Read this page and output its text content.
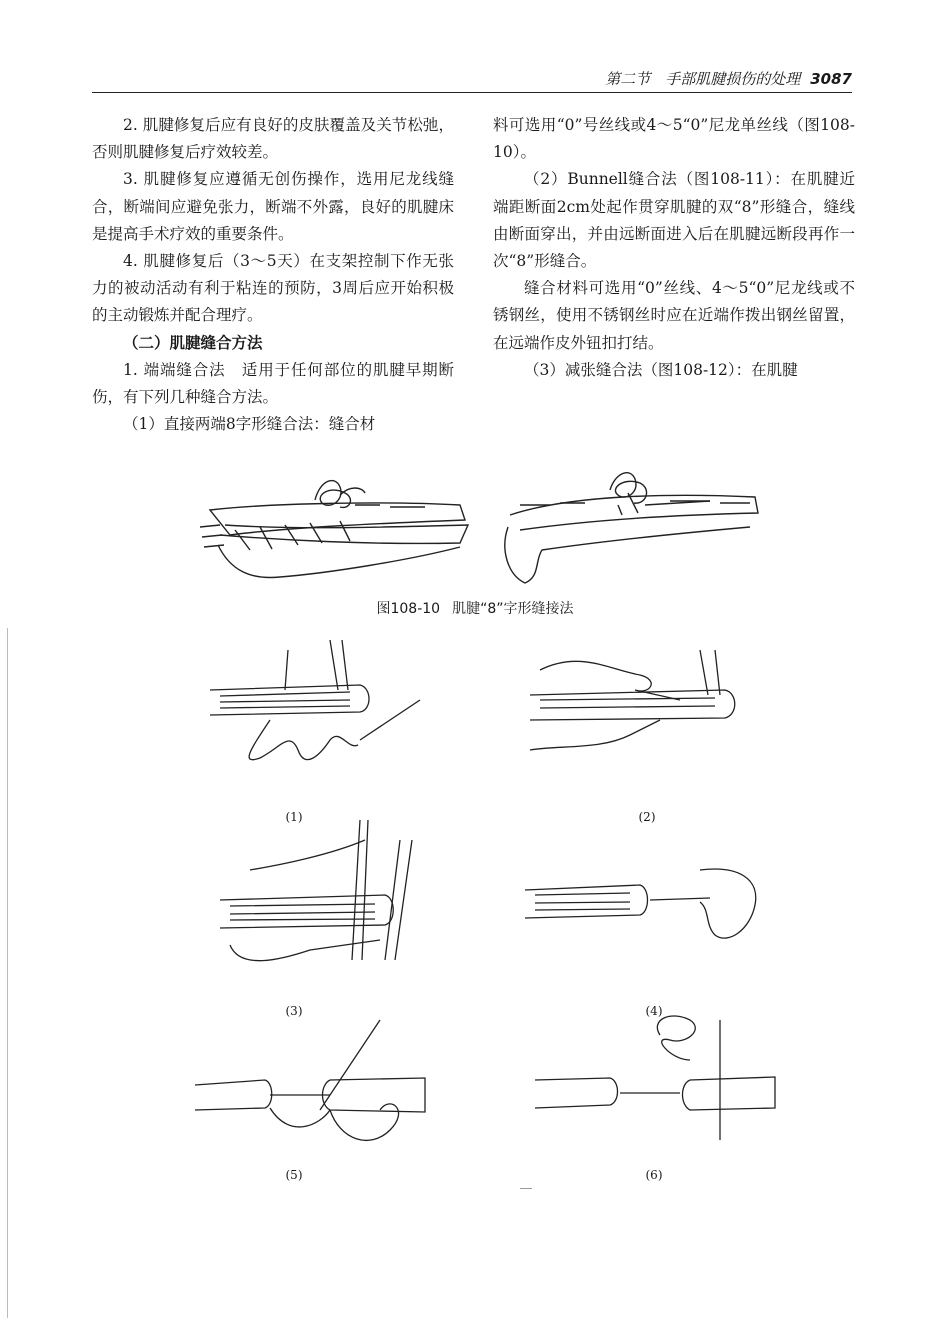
第二节　手部肌腱损伤的处理 3087

2. 肌腱修复后应有良好的皮肤覆盖及关节松弛，否则肌腱修复后疗效较差。

3. 肌腱修复应遵循无创伤操作，选用尼龙线缝合，断端间应避免张力，断端不外露，良好的肌腱床是提高手术疗效的重要条件。

4. 肌腱修复后（3～5天）在支架控制下作无张力的被动活动有利于粘连的预防，3周后应开始积极的主动锻炼并配合理疗。

（二）肌腱缝合方法

1. 端端缝合法　适用于任何部位的肌腱早期断伤，有下列几种缝合方法。

（1）直接两端8字形缝合法：缝合材

料可选用“0”号丝线或4～5“0”尼龙单丝线（图108-10）。

（2）Bunnell缝合法（图108-11）：在肌腱近端距断面2cm处起作贯穿肌腱的双“8”形缝合，缝线由断面穿出，并由远断面进入后在肌腱远断段再作一次“8”形缝合。

缝合材料可选用“0”丝线、4～5“0”尼龙线或不锈钢丝，使用不锈钢丝时应在近端作拨出钢丝留置，在远端作皮外钮扣打结。

（3）减张缝合法（图108-12）：在肌腱

图108-10 肌腱“8”字形缝接法
(1)	(2)
(3)	(4)
(5)	(6)
